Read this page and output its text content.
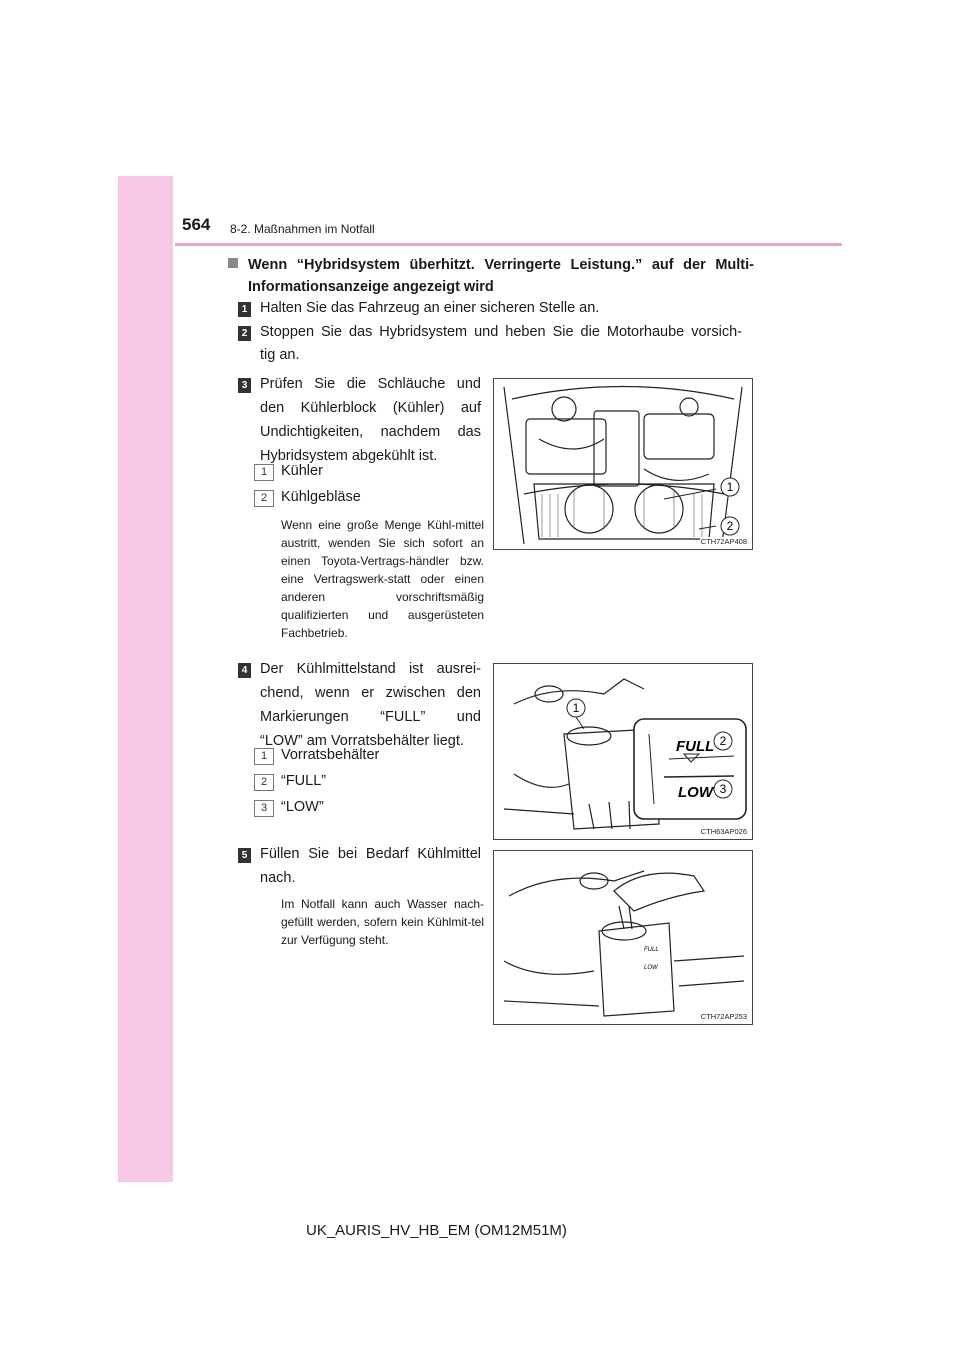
564 8-2. Maßnahmen im Notfall
Wenn “Hybridsystem überhitzt. Verringerte Leistung.” auf der Multi-
Informationsanzeige angezeigt wird
1 Halten Sie das Fahrzeug an einer sicheren Stelle an.
2 Stoppen Sie das Hybridsystem und heben Sie die Motorhaube vorsich-
tig an.
3 Prüfen Sie die Schläuche und
den Kühlerblock (Kühler) auf
Undichtigkeiten, nachdem das
Hybridsystem abgekühlt ist.
1 Kühler
2 Kühlgebläse
Wenn eine große Menge Kühl-mittel austritt, wenden Sie sich sofort an einen Toyota-Vertrags-händler bzw. eine Vertragswerk-statt oder einen anderen vorschriftsmäßig qualifizierten und ausgerüsteten Fachbetrieb.
1
2
CTH72AP408
4 Der Kühlmittelstand ist ausrei-
chend, wenn er zwischen den
Markierungen “FULL” und
“LOW” am Vorratsbehälter liegt.
1 Vorratsbehälter
2 “FULL”
3 “LOW”
FULL
LOW
1
2
3
CTH63AP026
5 Füllen Sie bei Bedarf Kühlmittel
nach.
Im Notfall kann auch Wasser nach-gefüllt werden, sofern kein Kühlmit-tel zur Verfügung steht.
FULL
LOW
CTH72AP253
UK_AURIS_HV_HB_EM (OM12M51M)
